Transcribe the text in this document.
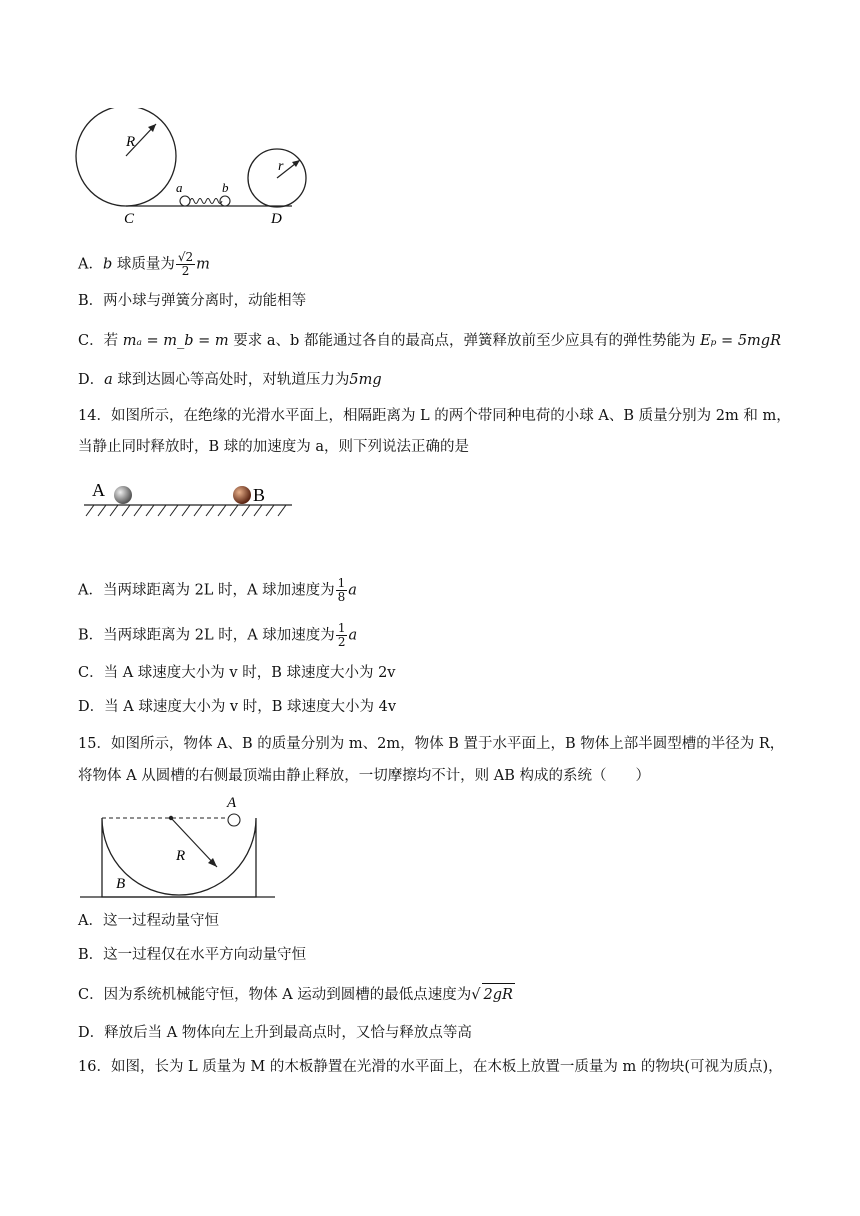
R
r
a	b
C	D
A．b 球质量为 $\frac{√2}{2}$ m
B．两小球与弹簧分离时，动能相等
C．若 mₐ = m_b = m 要求 a、b 都能通过各自的最高点，弹簧释放前至少应具有的弹性势能为 Eₚ = 5mgR
D．a 球到达圆心等高处时，对轨道压力为5mg
14．如图所示，在绝缘的光滑水平面上，相隔距离为 L 的两个带同种电荷的小球 A、B 质量分别为 2m 和 m，
当静止同时释放时，B 球的加速度为 a，则下列说法正确的是
A	B
A．当两球距离为 2L 时，A 球加速度为 $\frac{1}{8}$ a
B．当两球距离为 2L 时，A 球加速度为 $\frac{1}{2}$ a
C．当 A 球速度大小为 v 时，B 球速度大小为 2v
D．当 A 球速度大小为 v 时，B 球速度大小为 4v
15．如图所示，物体 A、B 的质量分别为 m、2m，物体 B 置于水平面上，B 物体上部半圆型槽的半径为 R，
将物体 A 从圆槽的右侧最顶端由静止释放，一切摩擦均不计，则 AB 构成的系统（　　）
A
R
B
A．这一过程动量守恒
B．这一过程仅在水平方向动量守恒
C．因为系统机械能守恒，物体 A 运动到圆槽的最低点速度为√ 2gR
D．释放后当 A 物体向左上升到最高点时，又恰与释放点等高
16．如图，长为 L 质量为 M 的木板静置在光滑的水平面上，在木板上放置一质量为 m 的物块(可视为质点)，
